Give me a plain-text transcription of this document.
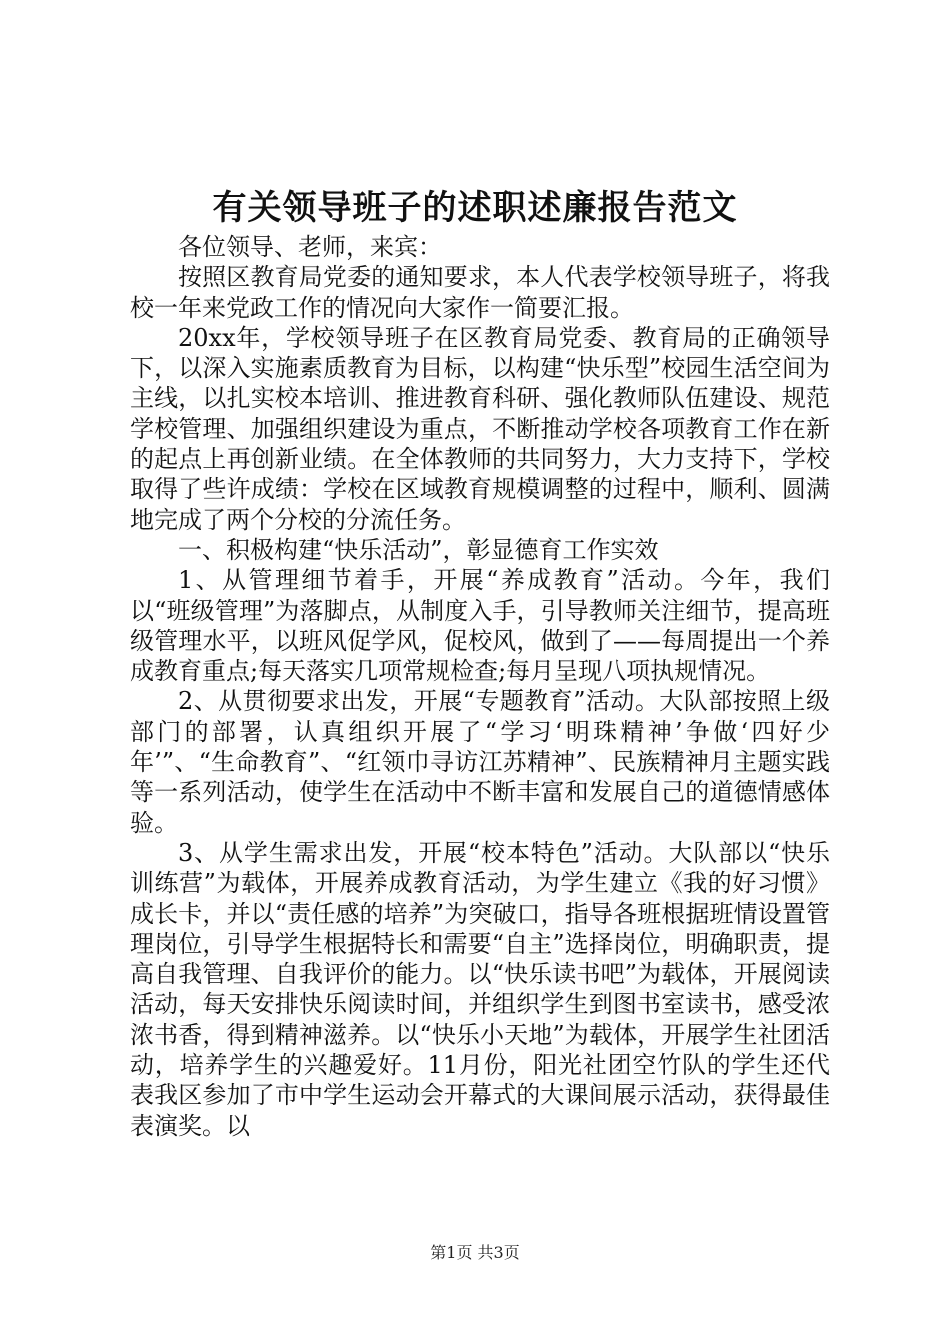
有关领导班子的述职述廉报告范文

各位领导、老师，来宾：

按照区教育局党委的通知要求，本人代表学校领导班子，将我校一年来党政工作的情况向大家作一简要汇报。

20xx年，学校领导班子在区教育局党委、教育局的正确领导下，以深入实施素质教育为目标，以构建“快乐型”校园生活空间为主线，以扎实校本培训、推进教育科研、强化教师队伍建设、规范学校管理、加强组织建设为重点，不断推动学校各项教育工作在新的起点上再创新业绩。在全体教师的共同努力，大力支持下，学校取得了些许成绩：学校在区域教育规模调整的过程中，顺利、圆满地完成了两个分校的分流任务。

一、积极构建“快乐活动”，彰显德育工作实效

1、从管理细节着手，开展“养成教育”活动。今年，我们以“班级管理”为落脚点，从制度入手，引导教师关注细节，提高班级管理水平，以班风促学风，促校风，做到了——每周提出一个养成教育重点;每天落实几项常规检查;每月呈现八项执规情况。

2、从贯彻要求出发，开展“专题教育”活动。大队部按照上级部门的部署，认真组织开展了“学习‘明珠精神’争做‘四好少年’”、“生命教育”、“红领巾寻访江苏精神”、民族精神月主题实践等一系列活动，使学生在活动中不断丰富和发展自己的道德情感体验。

3、从学生需求出发，开展“校本特色”活动。大队部以“快乐训练营”为载体，开展养成教育活动，为学生建立《我的好习惯》成长卡，并以“责任感的培养”为突破口，指导各班根据班情设置管理岗位，引导学生根据特长和需要“自主”选择岗位，明确职责，提高自我管理、自我评价的能力。以“快乐读书吧”为载体，开展阅读活动，每天安排快乐阅读时间，并组织学生到图书室读书，感受浓浓书香，得到精神滋养。以“快乐小天地”为载体，开展学生社团活动，培养学生的兴趣爱好。11月份，阳光社团空竹队的学生还代表我区参加了市中学生运动会开幕式的大课间展示活动，获得最佳表演奖。以

第1页 共3页
